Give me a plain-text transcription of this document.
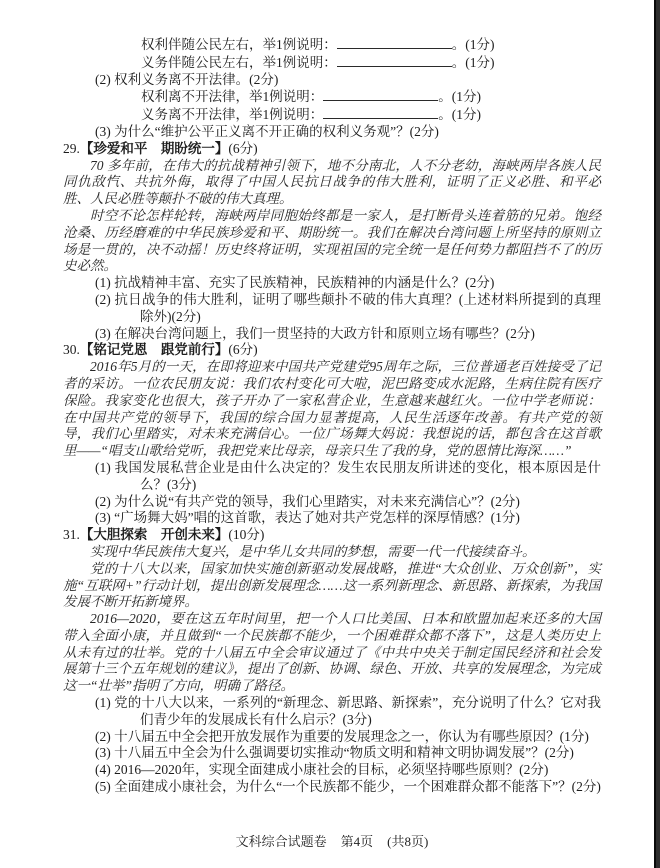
权利伴随公民左右，举1例说明：	。(1分)
义务伴随公民左右，举1例说明：	。(1分)
(2) 权利义务离不开法律。(2分)
权利离不开法律，举1例说明：	。(1分)
义务离不开法律，举1例说明：	。(1分)
(3) 为什么“维护公平正义离不开正确的权利义务观”？(2分)
29.【珍爱和平　期盼统一】(6分)
70 多年前，在伟大的抗战精神引领下，地不分南北，人不分老幼，海峡两岸各族人民同仇敌忾、共抗外侮，取得了中国人民抗日战争的伟大胜利，证明了正义必胜、和平必胜、人民必胜等颠扑不破的伟大真理。
时空不论怎样轮转，海峡两岸同胞始终都是一家人，是打断骨头连着筋的兄弟。饱经沧桑、历经磨难的中华民族珍爱和平、期盼统一。我们在解决台湾问题上所坚持的原则立场是一贯的，决不动摇！历史终将证明，实现祖国的完全统一是任何势力都阻挡不了的历史必然。
(1) 抗战精神丰富、充实了民族精神，民族精神的内涵是什么？(2分)
(2) 抗日战争的伟大胜利，证明了哪些颠扑不破的伟大真理？(上述材料所提到的真理除外)(2分)
(3) 在解决台湾问题上，我们一贯坚持的大政方针和原则立场有哪些？(2分)
30.【铭记党恩　跟党前行】(6分)
2016年5月的一天，在即将迎来中国共产党建党95周年之际，三位普通老百姓接受了记者的采访。一位农民朋友说：我们农村变化可大啦，泥巴路变成水泥路，生病住院有医疗保险。我家变化也很大，孩子开办了一家私营企业，生意越来越红火。一位中学老师说：在中国共产党的领导下，我国的综合国力显著提高，人民生活逐年改善。有共产党的领导，我们心里踏实，对未来充满信心。一位广场舞大妈说：我想说的话，都包含在这首歌里——“唱支山歌给党听，我把党来比母亲，母亲只生了我的身，党的恩情比海深……”
(1) 我国发展私营企业是由什么决定的？发生农民朋友所讲述的变化，根本原因是什么？(3分)
(2) 为什么说“有共产党的领导，我们心里踏实，对未来充满信心”？(2分)
(3) “广场舞大妈”唱的这首歌，表达了她对共产党怎样的深厚情感？(1分)
31.【大胆探索　开创未来】(10分)
实现中华民族伟大复兴，是中华儿女共同的梦想，需要一代一代接续奋斗。
党的十八大以来，国家加快实施创新驱动发展战略，推进“大众创业、万众创新”，实施“互联网+”行动计划，提出创新发展理念……这一系列新理念、新思路、新探索，为我国发展不断开拓新境界。
2016—2020，要在这五年时间里，把一个人口比美国、日本和欧盟加起来还多的大国带入全面小康，并且做到“一个民族都不能少，一个困难群众都不落下”，这是人类历史上从未有过的壮举。党的十八届五中全会审议通过了《中共中央关于制定国民经济和社会发展第十三个五年规划的建议》，提出了创新、协调、绿色、开放、共享的发展理念，为完成这一“壮举”指明了方向，明确了路径。
(1) 党的十八大以来，一系列的“新理念、新思路、新探索”，充分说明了什么？它对我们青少年的发展成长有什么启示？(3分)
(2) 十八届五中全会把开放发展作为重要的发展理念之一，你认为有哪些原因？(1分)
(3) 十八届五中全会为什么强调要切实推动“物质文明和精神文明协调发展”？(2分)
(4) 2016—2020年，实现全面建成小康社会的目标，必须坚持哪些原则？(2分)
(5) 全面建成小康社会，为什么“一个民族都不能少，一个困难群众都不能落下”？(2分)
文科综合试题卷 第4页 (共8页)
